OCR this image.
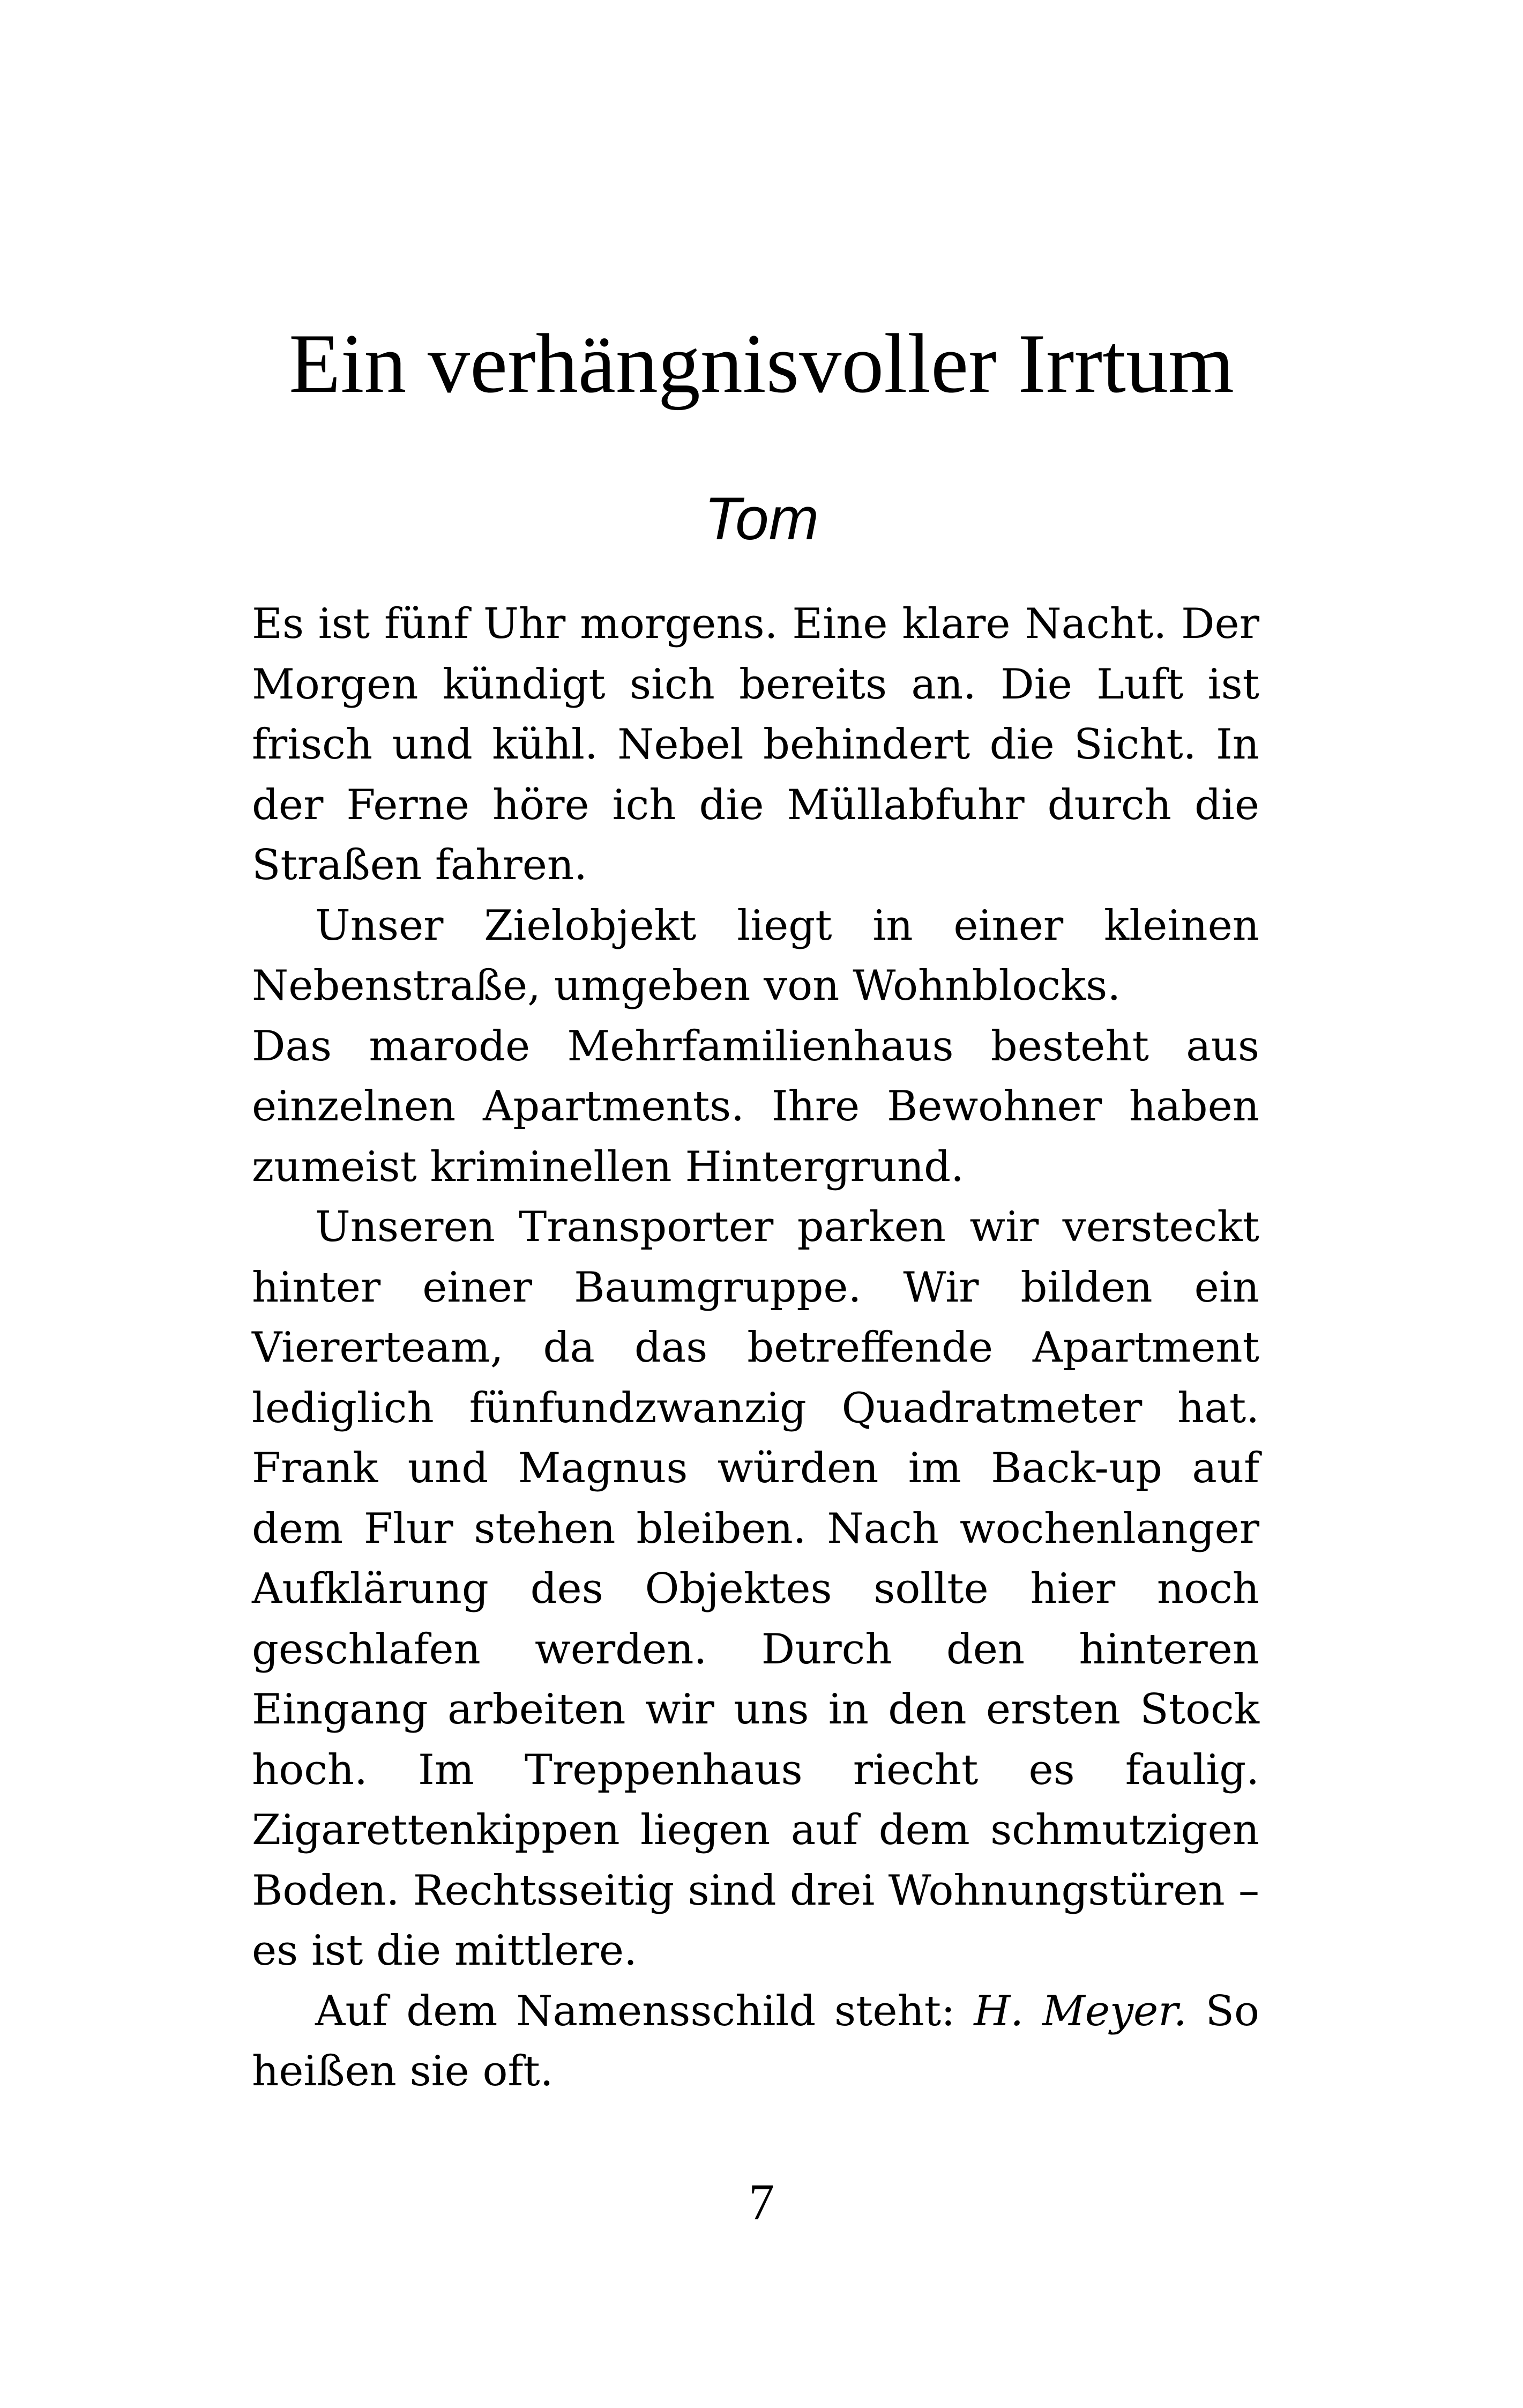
Ein verhängnisvoller Irrtum
Tom

Es ist fünf Uhr morgens. Eine klare Nacht. Der Morgen kündigt sich bereits an. Die Luft ist frisch und kühl. Nebel behindert die Sicht. In der Ferne höre ich die Müllabfuhr durch die Straßen fahren.

Unser Zielobjekt liegt in einer kleinen Nebenstraße, umgeben von Wohnblocks.

Das marode Mehrfamilienhaus besteht aus einzelnen Apartments. Ihre Bewohner haben zumeist kriminellen Hintergrund.

Unseren Transporter parken wir versteckt hinter einer Baumgruppe. Wir bilden ein Viererteam, da das betreffende Apartment lediglich fünfundzwanzig Quadratmeter hat. Frank und Magnus würden im Back-up auf dem Flur stehen bleiben. Nach wochenlanger Aufklärung des Objektes sollte hier noch geschlafen werden. Durch den hinteren Eingang arbeiten wir uns in den ersten Stock hoch. Im Treppenhaus riecht es faulig. Zigarettenkippen liegen auf dem schmutzigen Boden. Rechtsseitig sind drei Wohnungstüren – es ist die mittlere.

Auf dem Namensschild steht: H. Meyer. So heißen sie oft.

7
